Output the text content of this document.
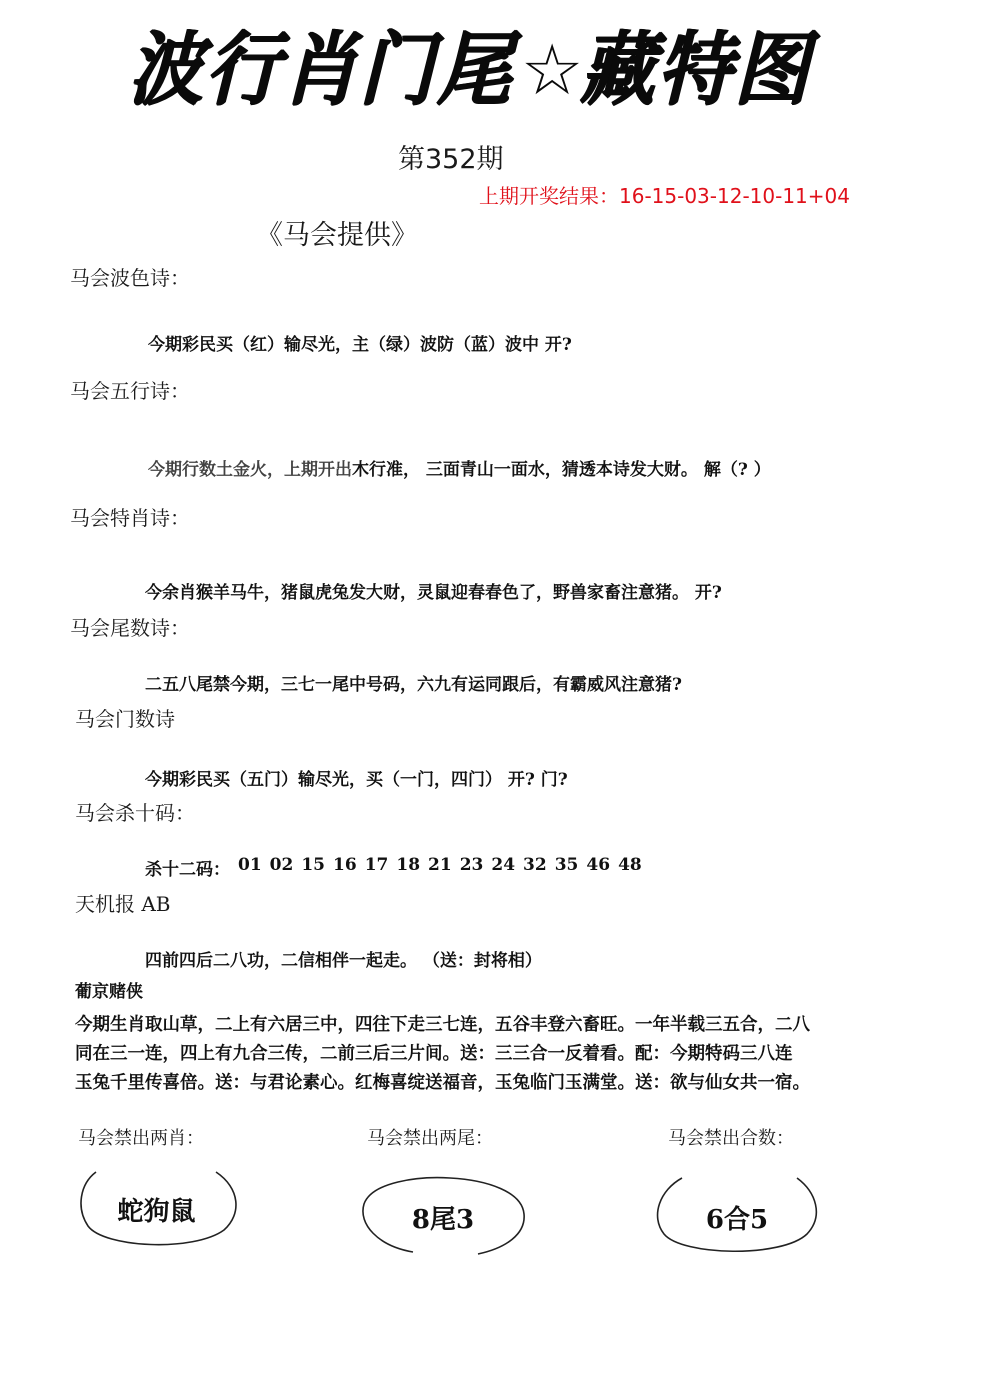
波
行
肖
门
尾
☆
藏
特
图
第352期
上期开奖结果：16-15-03-12-10-11+04
《马会提供》
马会波色诗：
今期彩民买（红）输尽光，主（绿）波防（蓝）波中 开?
马会五行诗：
今期行数土金火，上期开出木行准， 三面青山一面水，猜透本诗发大财。 解（? ）
马会特肖诗：
今余肖猴羊马牛，猪鼠虎兔发大财，灵鼠迎春春色了，野兽家畜注意猪。 开?
马会尾数诗：
二五八尾禁今期，三七一尾中号码，六九有运同跟后，有霸威风注意猪?
马会门数诗
今期彩民买（五门）输尽光，买（一门，四门） 开? 门?
马会杀十码：
杀十二码： 01 02 15 16 17 18 21 23 24 32 35 46 48
天机报 AB
四前四后二八功，二信相伴一起走。 （送：封将相）
葡京赌侠
今期生肖取山草，二上有六居三中，四往下走三七连，五谷丰登六畜旺。一年半载三五合，二八
同在三一连，四上有九合三传，二前三后三片间。送：三三合一反着看。配：今期特码三八连
玉兔千里传喜倍。送：与君论素心。红梅喜绽送福音，玉兔临门玉满堂。送：欲与仙女共一宿。
马会禁出两肖：	马会禁出两尾：	马会禁出合数：
蛇狗鼠	8尾3	6合5
